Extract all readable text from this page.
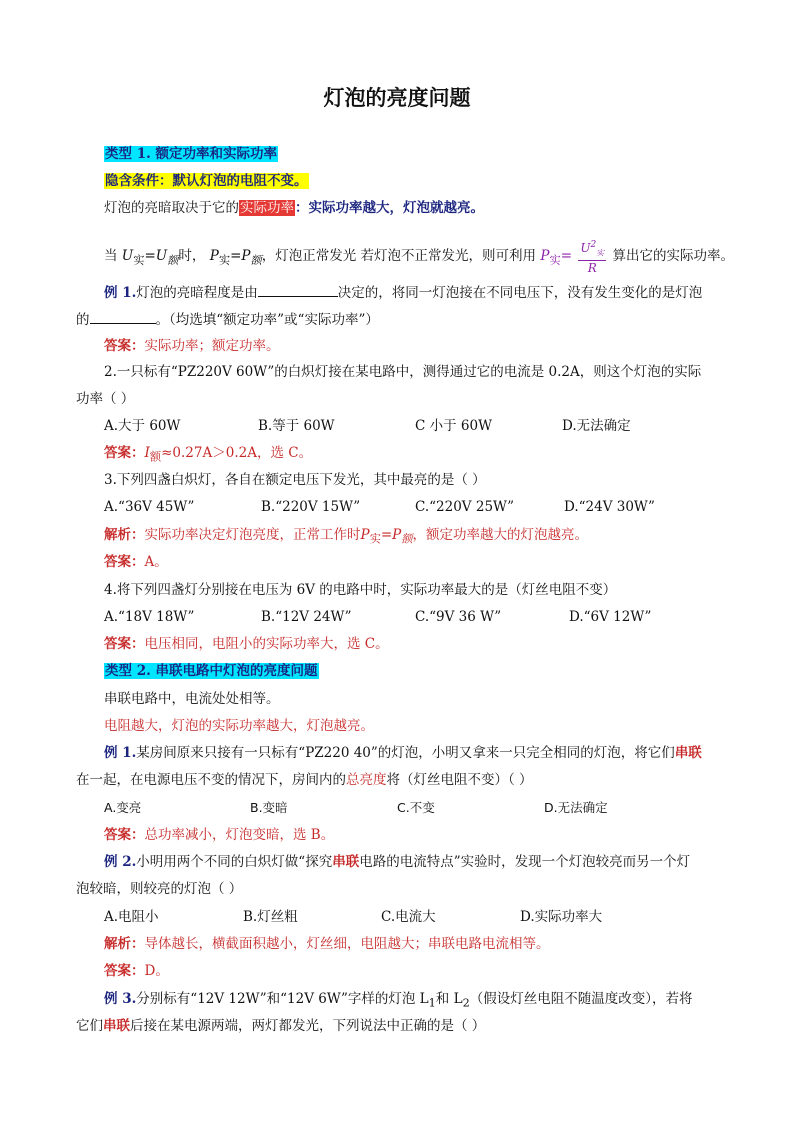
灯泡的亮度问题
类型 1. 额定功率和实际功率
隐含条件：默认灯泡的电阻不变。
灯泡的亮暗取决于它的实际功率：实际功率越大，灯泡就越亮。
当 $U_实=U_额$时， $P_实=P_额$，灯泡正常发光 若灯泡不正常发光，则可利用 $P_实=$
$U^2_实$
R
算出它的实际功率。
例 1.灯泡的亮暗程度是由	决定的，将同一灯泡接在不同电压下，没有发生变化的是灯泡
的	。（均选填“额定功率”或“实际功率”）
答案：实际功率；额定功率。
2.一只标有“PZ220V 60W”的白炽灯接在某电路中，测得通过它的电流是 0.2A，则这个灯泡的实际
功率（ ）
A.大于 60W	B.等于 60W	C 小于 60W	D.无法确定
答案：$I_额\approx 0.27A>0.2A$，选 C。
3.下列四盏白炽灯，各自在额定电压下发光，其中最亮的是（ ）
A.“36V 45W”	B.“220V 15W”	C.“220V 25W”	D.“24V 30W”
解析：实际功率决定灯泡亮度，正常工作时$P_实=P_额$，额定功率越大的灯泡越亮。
答案：A。
4.将下列四盏灯分别接在电压为 6V 的电路中时，实际功率最大的是（灯丝电阻不变）
A.“18V 18W”	B.“12V 24W”	C.“9V 36 W”	D.“6V 12W”
答案：电压相同，电阻小的实际功率大，选 C。
类型 2. 串联电路中灯泡的亮度问题
串联电路中，电流处处相等。
电阻越大，灯泡的实际功率越大，灯泡越亮。
例 1.某房间原来只接有一只标有“PZ220 40”的灯泡，小明又拿来一只完全相同的灯泡，将它们串联
在一起，在电源电压不变的情况下，房间内的总亮度将（灯丝电阻不变）（ ）
A.变亮	B.变暗	C.不变	D.无法确定
答案：总功率减小，灯泡变暗，选 B。
例 2.小明用两个不同的白炽灯做“探究串联电路的电流特点”实验时，发现一个灯泡较亮而另一个灯
泡较暗，则较亮的灯泡（ ）
A.电阻小	B.灯丝粗	C.电流大	D.实际功率大
解析：导体越长，横截面积越小，灯丝细，电阻越大；串联电路电流相等。
答案：D。
例 3.分别标有“12V 12W”和“12V 6W”字样的灯泡 $L_1$和 $L_2$（假设灯丝电阻不随温度改变），若将
它们串联后接在某电源两端，两灯都发光，下列说法中正确的是（ ）
